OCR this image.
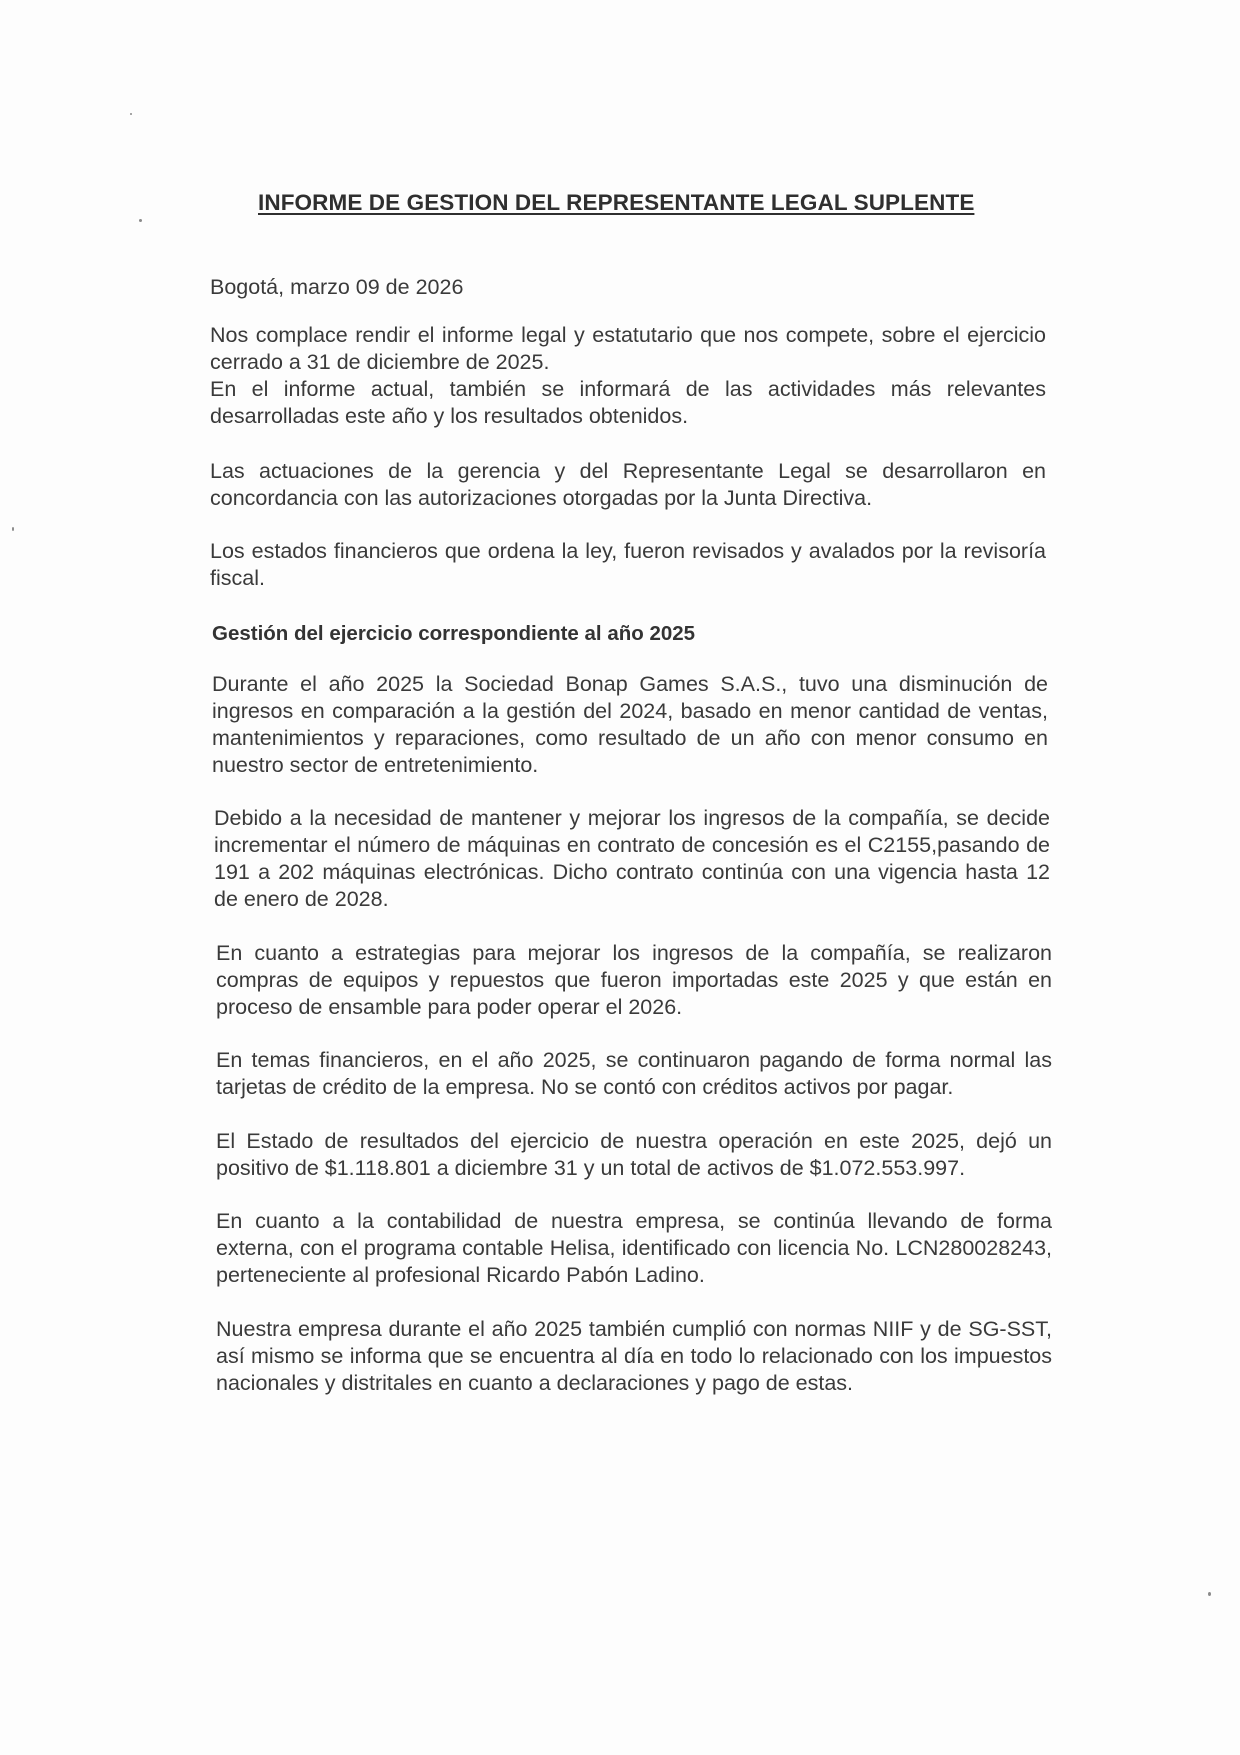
INFORME DE GESTION DEL REPRESENTANTE LEGAL SUPLENTE
Bogotá, marzo 09 de 2026
Nos complace rendir el informe legal y estatutario que nos compete, sobre el ejercicio cerrado a 31 de diciembre de 2025.
En el informe actual, también se informará de las actividades más relevantes desarrolladas este año y los resultados obtenidos.
Las actuaciones de la gerencia y del Representante Legal se desarrollaron en concordancia con las autorizaciones otorgadas por la Junta Directiva.
Los estados financieros que ordena la ley, fueron revisados y avalados por la revisoría fiscal.
Gestión del ejercicio correspondiente al año 2025
Durante el año 2025 la Sociedad Bonap Games S.A.S., tuvo una disminución de ingresos en comparación a la gestión del 2024, basado en menor cantidad de ventas, mantenimientos y reparaciones, como resultado de un año con menor consumo en nuestro sector de entretenimiento.
Debido a la necesidad de mantener y mejorar los ingresos de la compañía, se decide incrementar el número de máquinas en contrato de concesión es el C2155,pasando de 191 a 202 máquinas electrónicas. Dicho contrato continúa con una vigencia hasta 12 de enero de 2028.
En cuanto a estrategias para mejorar los ingresos de la compañía, se realizaron compras de equipos y repuestos que fueron importadas este 2025 y que están en proceso de ensamble para poder operar el 2026.
En temas financieros, en el año 2025, se continuaron pagando de forma normal las tarjetas de crédito de la empresa. No se contó con créditos activos por pagar.
El Estado de resultados del ejercicio de nuestra operación en este 2025, dejó un positivo de $1.118.801 a diciembre 31 y un total de activos de $1.072.553.997.
En cuanto a la contabilidad de nuestra empresa, se continúa llevando de forma externa, con el programa contable Helisa, identificado con licencia No. LCN280028243, perteneciente al profesional Ricardo Pabón Ladino.
Nuestra empresa durante el año 2025 también cumplió con normas NIIF y de SG-SST, así mismo se informa que se encuentra al día en todo lo relacionado con los impuestos nacionales y distritales en cuanto a declaraciones y pago de estas.
